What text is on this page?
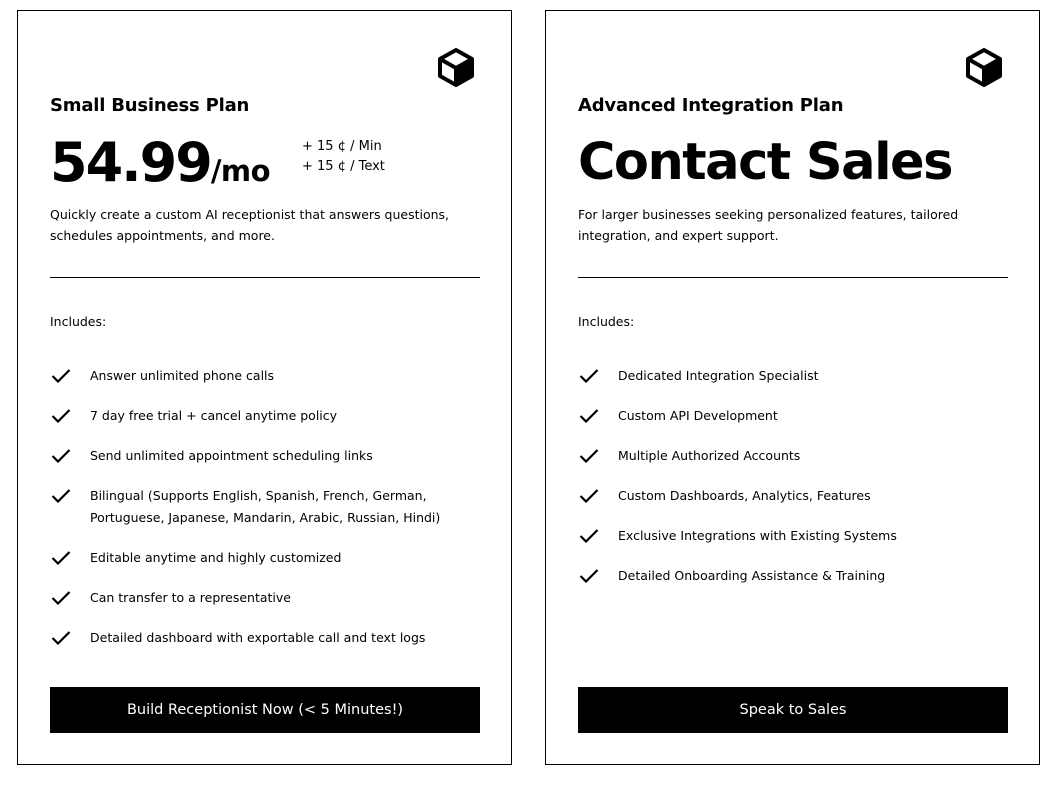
Small Business Plan
54.99/mo
+ 15 ¢ / Min
+ 15 ¢ / Text
Quickly create a custom AI receptionist that answers questions, schedules appointments, and more.
Includes:
Answer unlimited phone calls
7 day free trial + cancel anytime policy
Send unlimited appointment scheduling links
Bilingual (Supports English, Spanish, French, German, Portuguese, Japanese, Mandarin, Arabic, Russian, Hindi)
Editable anytime and highly customized
Can transfer to a representative
Detailed dashboard with exportable call and text logs
Build Receptionist Now (< 5 Minutes!)
Advanced Integration Plan
Contact Sales
For larger businesses seeking personalized features, tailored integration, and expert support.
Includes:
Dedicated Integration Specialist
Custom API Development
Multiple Authorized Accounts
Custom Dashboards, Analytics, Features
Exclusive Integrations with Existing Systems
Detailed Onboarding Assistance & Training
Speak to Sales
